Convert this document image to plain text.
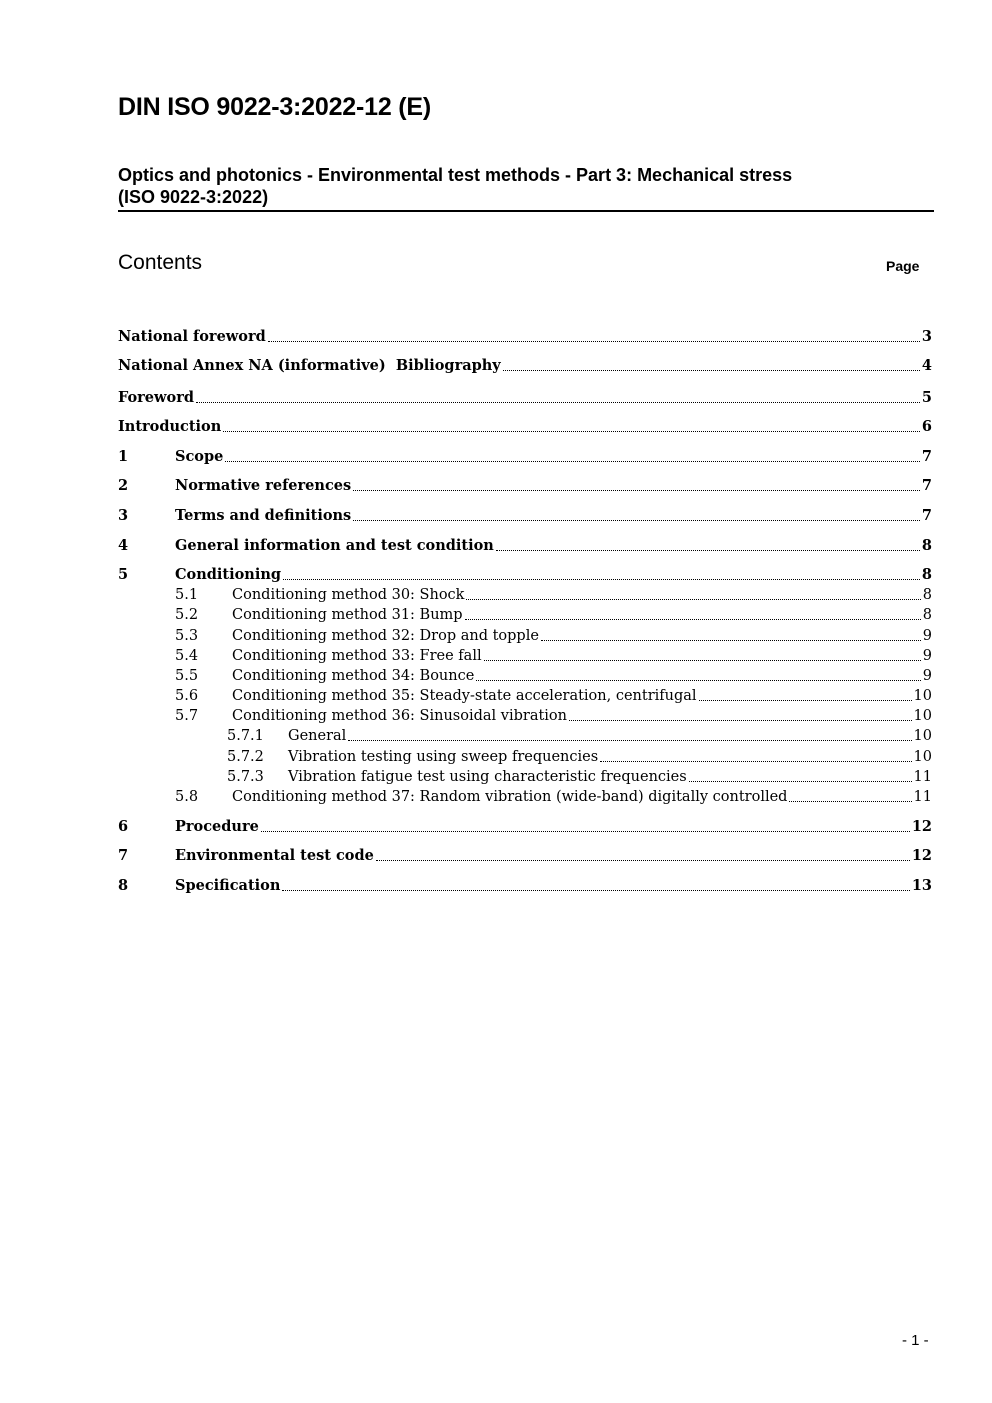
DIN ISO 9022-3:2022-12 (E)
Optics and photonics - Environmental test methods - Part 3: Mechanical stress
(ISO 9022-3:2022)
Contents	Page
National foreword	3
National Annex NA (informative)  Bibliography	4
Foreword	5
Introduction	6
1	Scope	7
2	Normative references	7
3	Terms and definitions	7
4	General information and test condition	8
5	Conditioning	8
5.1	Conditioning method 30: Shock	8
5.2	Conditioning method 31: Bump	8
5.3	Conditioning method 32: Drop and topple	9
5.4	Conditioning method 33: Free fall	9
5.5	Conditioning method 34: Bounce	9
5.6	Conditioning method 35: Steady-state acceleration, centrifugal	10
5.7	Conditioning method 36: Sinusoidal vibration	10
5.7.1	General	10
5.7.2	Vibration testing using sweep frequencies	10
5.7.3	Vibration fatigue test using characteristic frequencies	11
5.8	Conditioning method 37: Random vibration (wide-band) digitally controlled	11
6	Procedure	12
7	Environmental test code	12
8	Specification	13
- 1 -
